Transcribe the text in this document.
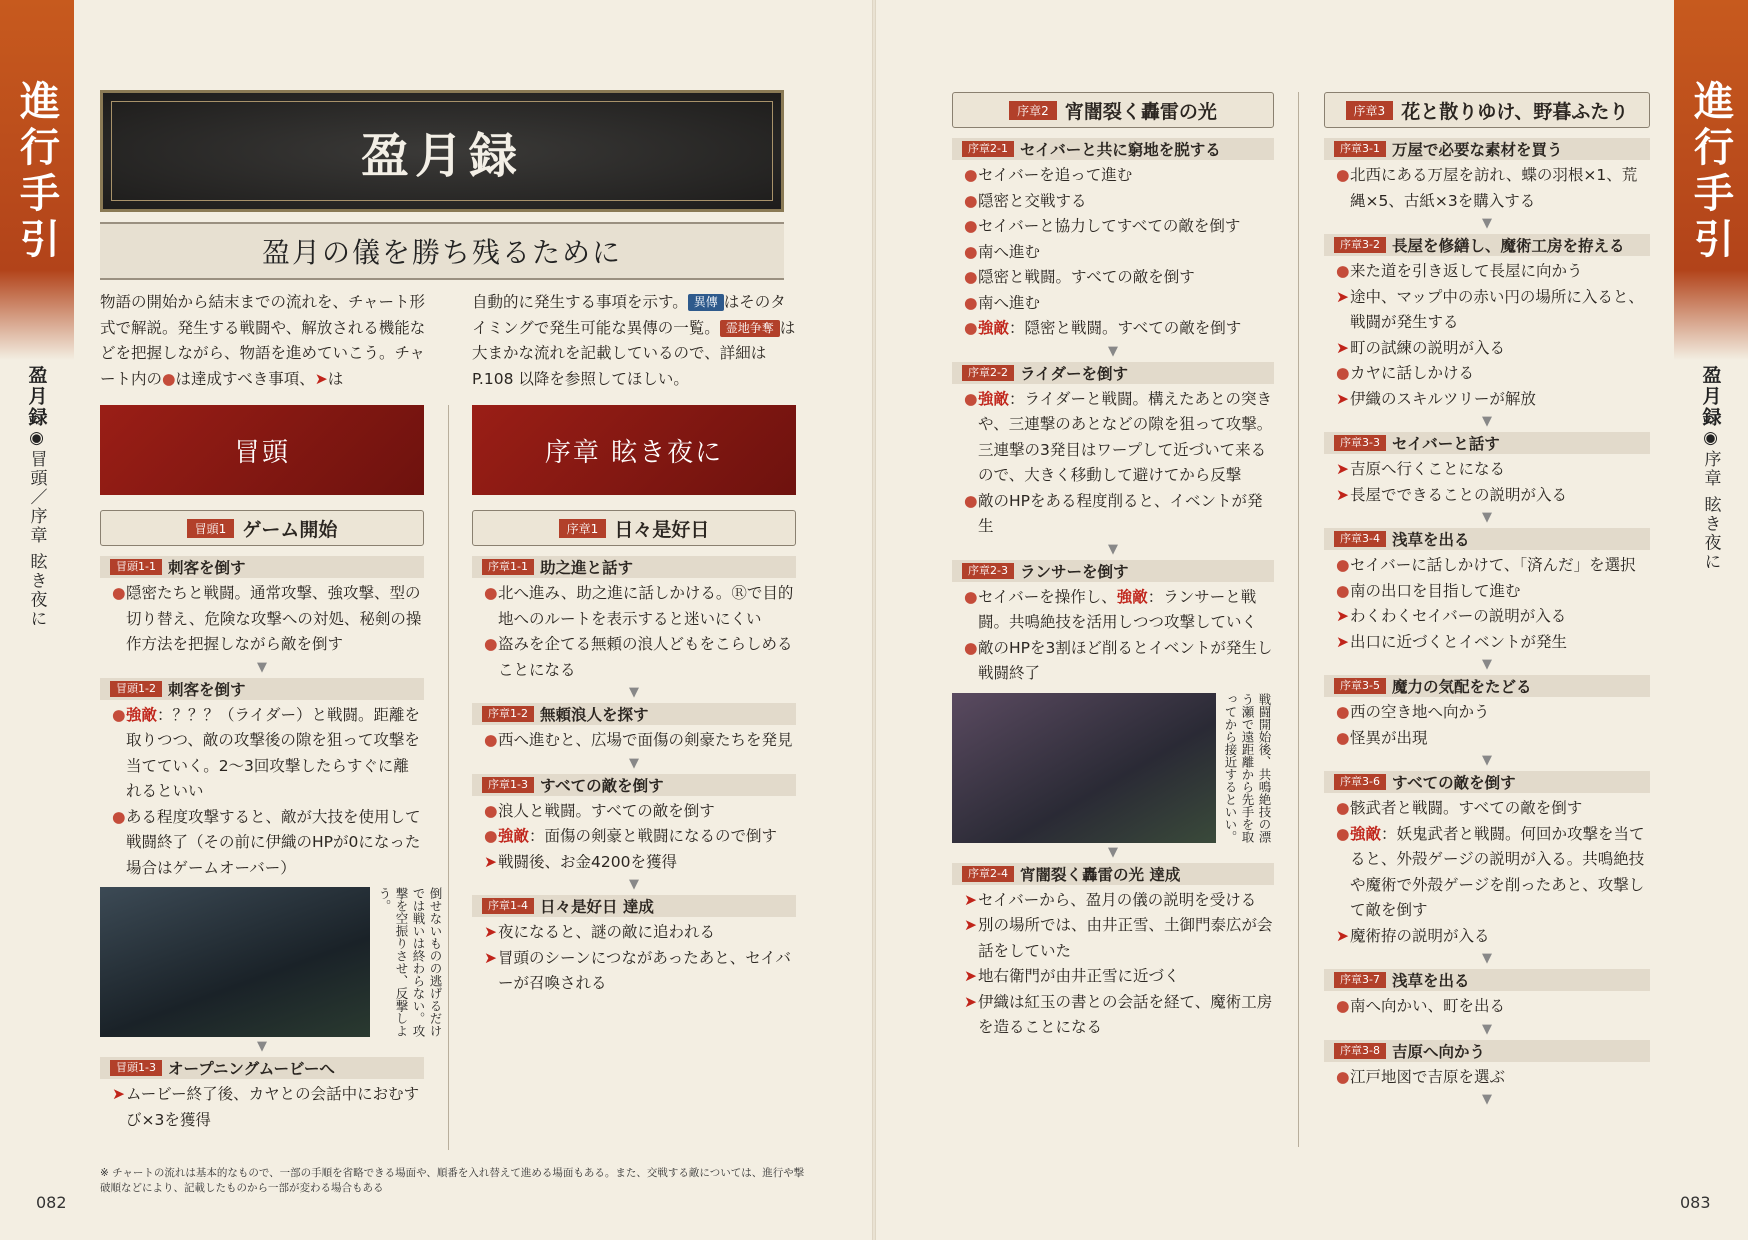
進行手引
盈月録
◉冒頭／序章 眩き夜に
進行手引
盈月録
◉序章 眩き夜に
082	083
盈月録
盈月の儀を勝ち残るために
物語の開始から結末までの流れを、チャート形式で解説。発生する戦闘や、解放される機能などを把握しながら、物語を進めていこう。チャート内の●は達成すべき事項、➤は
自動的に発生する事項を示す。 異傳 はそのタイミングで発生可能な異傳の一覧。 霊地争奪 は大まかな流れを記載しているので、詳細は P.108 以降を参照してほしい。
冒頭	序章 眩き夜に
冒頭1 ゲーム開始
冒頭1-1 刺客を倒す
●隠密たちと戦闘。通常攻撃、強攻撃、型の切り替え、危険な攻撃への対処、秘剣の操作方法を把握しながら敵を倒す
▼
冒頭1-2 刺客を倒す
●強敵：？？？（ライダー）と戦闘。距離を取りつつ、敵の攻撃後の隙を狙って攻撃を当てていく。2～3回攻撃したらすぐに離れるといい
●ある程度攻撃すると、敵が大技を使用して戦闘終了（その前に伊織のHPが0になった場合はゲームオーバー）
倒せないものの逃げるだけでは戦いは終わらない。攻撃を空振りさせ、反撃しよう。
▼
冒頭1-3 オープニングムービーへ
➤ムービー終了後、カヤとの会話中におむすび×3を獲得
序章1 日々是好日
序章1-1 助之進と話す
●北へ進み、助之進に話しかける。Ⓡで目的地へのルートを表示すると迷いにくい
●盗みを企てる無頼の浪人どもをこらしめることになる
▼
序章1-2 無頼浪人を探す
●西へ進むと、広場で面傷の剣豪たちを発見
▼
序章1-3 すべての敵を倒す
●浪人と戦闘。すべての敵を倒す
●強敵：面傷の剣豪と戦闘になるので倒す
➤戦闘後、お金4200を獲得
▼
序章1-4 日々是好日 達成
➤夜になると、謎の敵に追われる
➤冒頭のシーンにつながあったあと、セイバーが召喚される
序章2 宵闇裂く轟雷の光
序章2-1 セイバーと共に窮地を脱する
●セイバーを追って進む
●隠密と交戦する
●セイバーと協力してすべての敵を倒す
●南へ進む
●隠密と戦闘。すべての敵を倒す
●南へ進む
●強敵：隠密と戦闘。すべての敵を倒す
▼
序章2-2 ライダーを倒す
●強敵：ライダーと戦闘。構えたあとの突きや、三連撃のあとなどの隙を狙って攻撃。三連撃の3発目はワープして近づいて来るので、大きく移動して避けてから反撃
●敵のHPをある程度削ると、イベントが発生
▼
序章2-3 ランサーを倒す
●セイバーを操作し、強敵：ランサーと戦闘。共鳴絶技を活用しつつ攻撃していく
●敵のHPを3割ほど削るとイベントが発生し戦闘終了
戦闘開始後、共鳴絶技の漂う瀬で遠距離から先手を取ってから接近するといい。
▼
序章2-4 宵闇裂く轟雷の光 達成
➤セイバーから、盈月の儀の説明を受ける
➤別の場所では、由井正雪、土御門泰広が会話をしていた
➤地右衛門が由井正雪に近づく
➤伊織は紅玉の書との会話を経て、魔術工房を造ることになる
序章3 花と散りゆけ、野暮ふたり
序章3-1 万屋で必要な素材を買う
●北西にある万屋を訪れ、蝶の羽根×1、荒縄×5、古紙×3を購入する
▼
序章3-2 長屋を修繕し、魔術工房を拵える
●来た道を引き返して長屋に向かう
➤途中、マップ中の赤い円の場所に入ると、戦闘が発生する
➤町の試練の説明が入る
●カヤに話しかける
➤伊織のスキルツリーが解放
▼
序章3-3 セイバーと話す
➤吉原へ行くことになる
➤長屋でできることの説明が入る
▼
序章3-4 浅草を出る
●セイバーに話しかけて、「済んだ」を選択
●南の出口を目指して進む
➤わくわくセイバーの説明が入る
➤出口に近づくとイベントが発生
▼
序章3-5 魔力の気配をたどる
●西の空き地へ向かう
●怪異が出現
▼
序章3-6 すべての敵を倒す
●骸武者と戦闘。すべての敵を倒す
●強敵：妖鬼武者と戦闘。何回か攻撃を当てると、外殻ゲージの説明が入る。共鳴絶技や魔術で外殻ゲージを削ったあと、攻撃して敵を倒す
➤魔術拵の説明が入る
▼
序章3-7 浅草を出る
●南へ向かい、町を出る
▼
序章3-8 吉原へ向かう
●江戸地図で吉原を選ぶ
▼
※ チャートの流れは基本的なもので、一部の手順を省略できる場面や、順番を入れ替えて進める場面もある。また、交戦する敵については、進行や撃破順などにより、記載したものから一部が変わる場合もある
